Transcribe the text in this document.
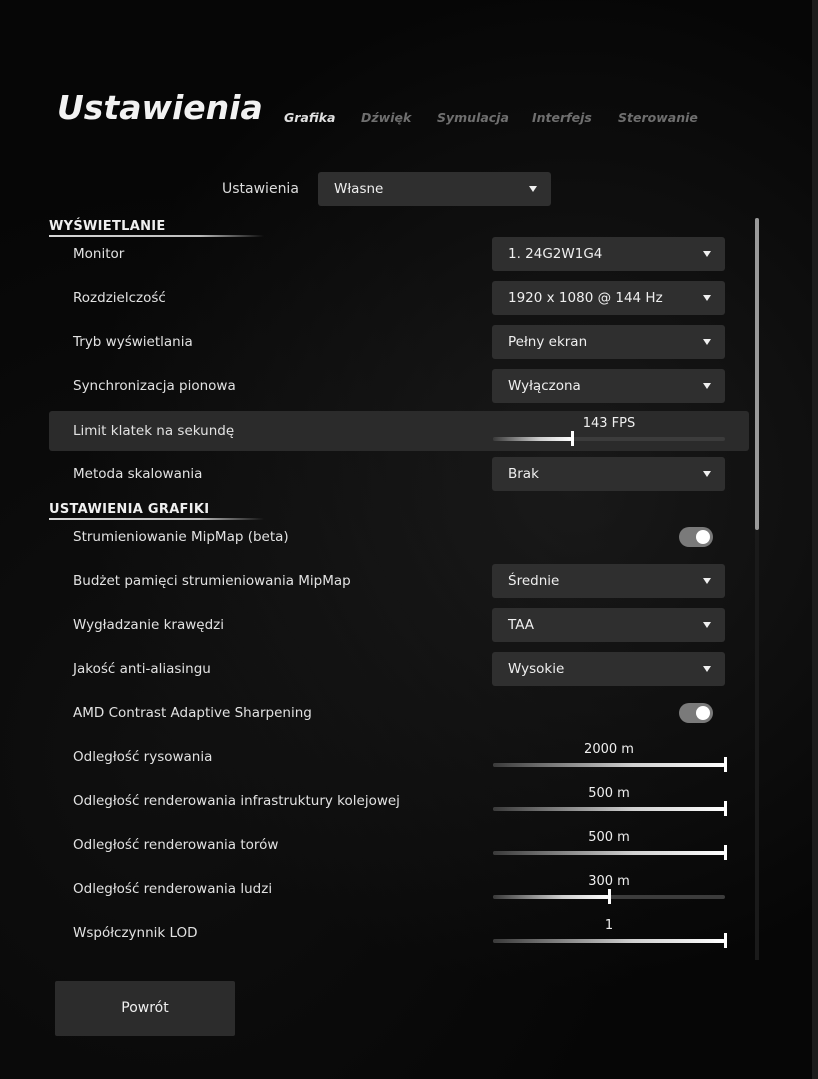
Ustawienia Grafika Dźwięk Symulacja Interfejs Sterowanie
Ustawienia	Własne
WYŚWIETLANIE
Monitor	1. 24G2W1G4
Rozdzielczość	1920 x 1080 @ 144 Hz
Tryb wyświetlania	Pełny ekran
Synchronizacja pionowa	Wyłączona
Limit klatek na sekundę	143 FPS
Metoda skalowania	Brak
USTAWIENIA GRAFIKI
Strumieniowanie MipMap (beta)
Budżet pamięci strumieniowania MipMap	Średnie
Wygładzanie krawędzi	TAA
Jakość anti-aliasingu	Wysokie
AMD Contrast Adaptive Sharpening
Odległość rysowania	2000 m
Odległość renderowania infrastruktury kolejowej	500 m
Odległość renderowania torów	500 m
Odległość renderowania ludzi	300 m
Współczynnik LOD	1
Powrót
